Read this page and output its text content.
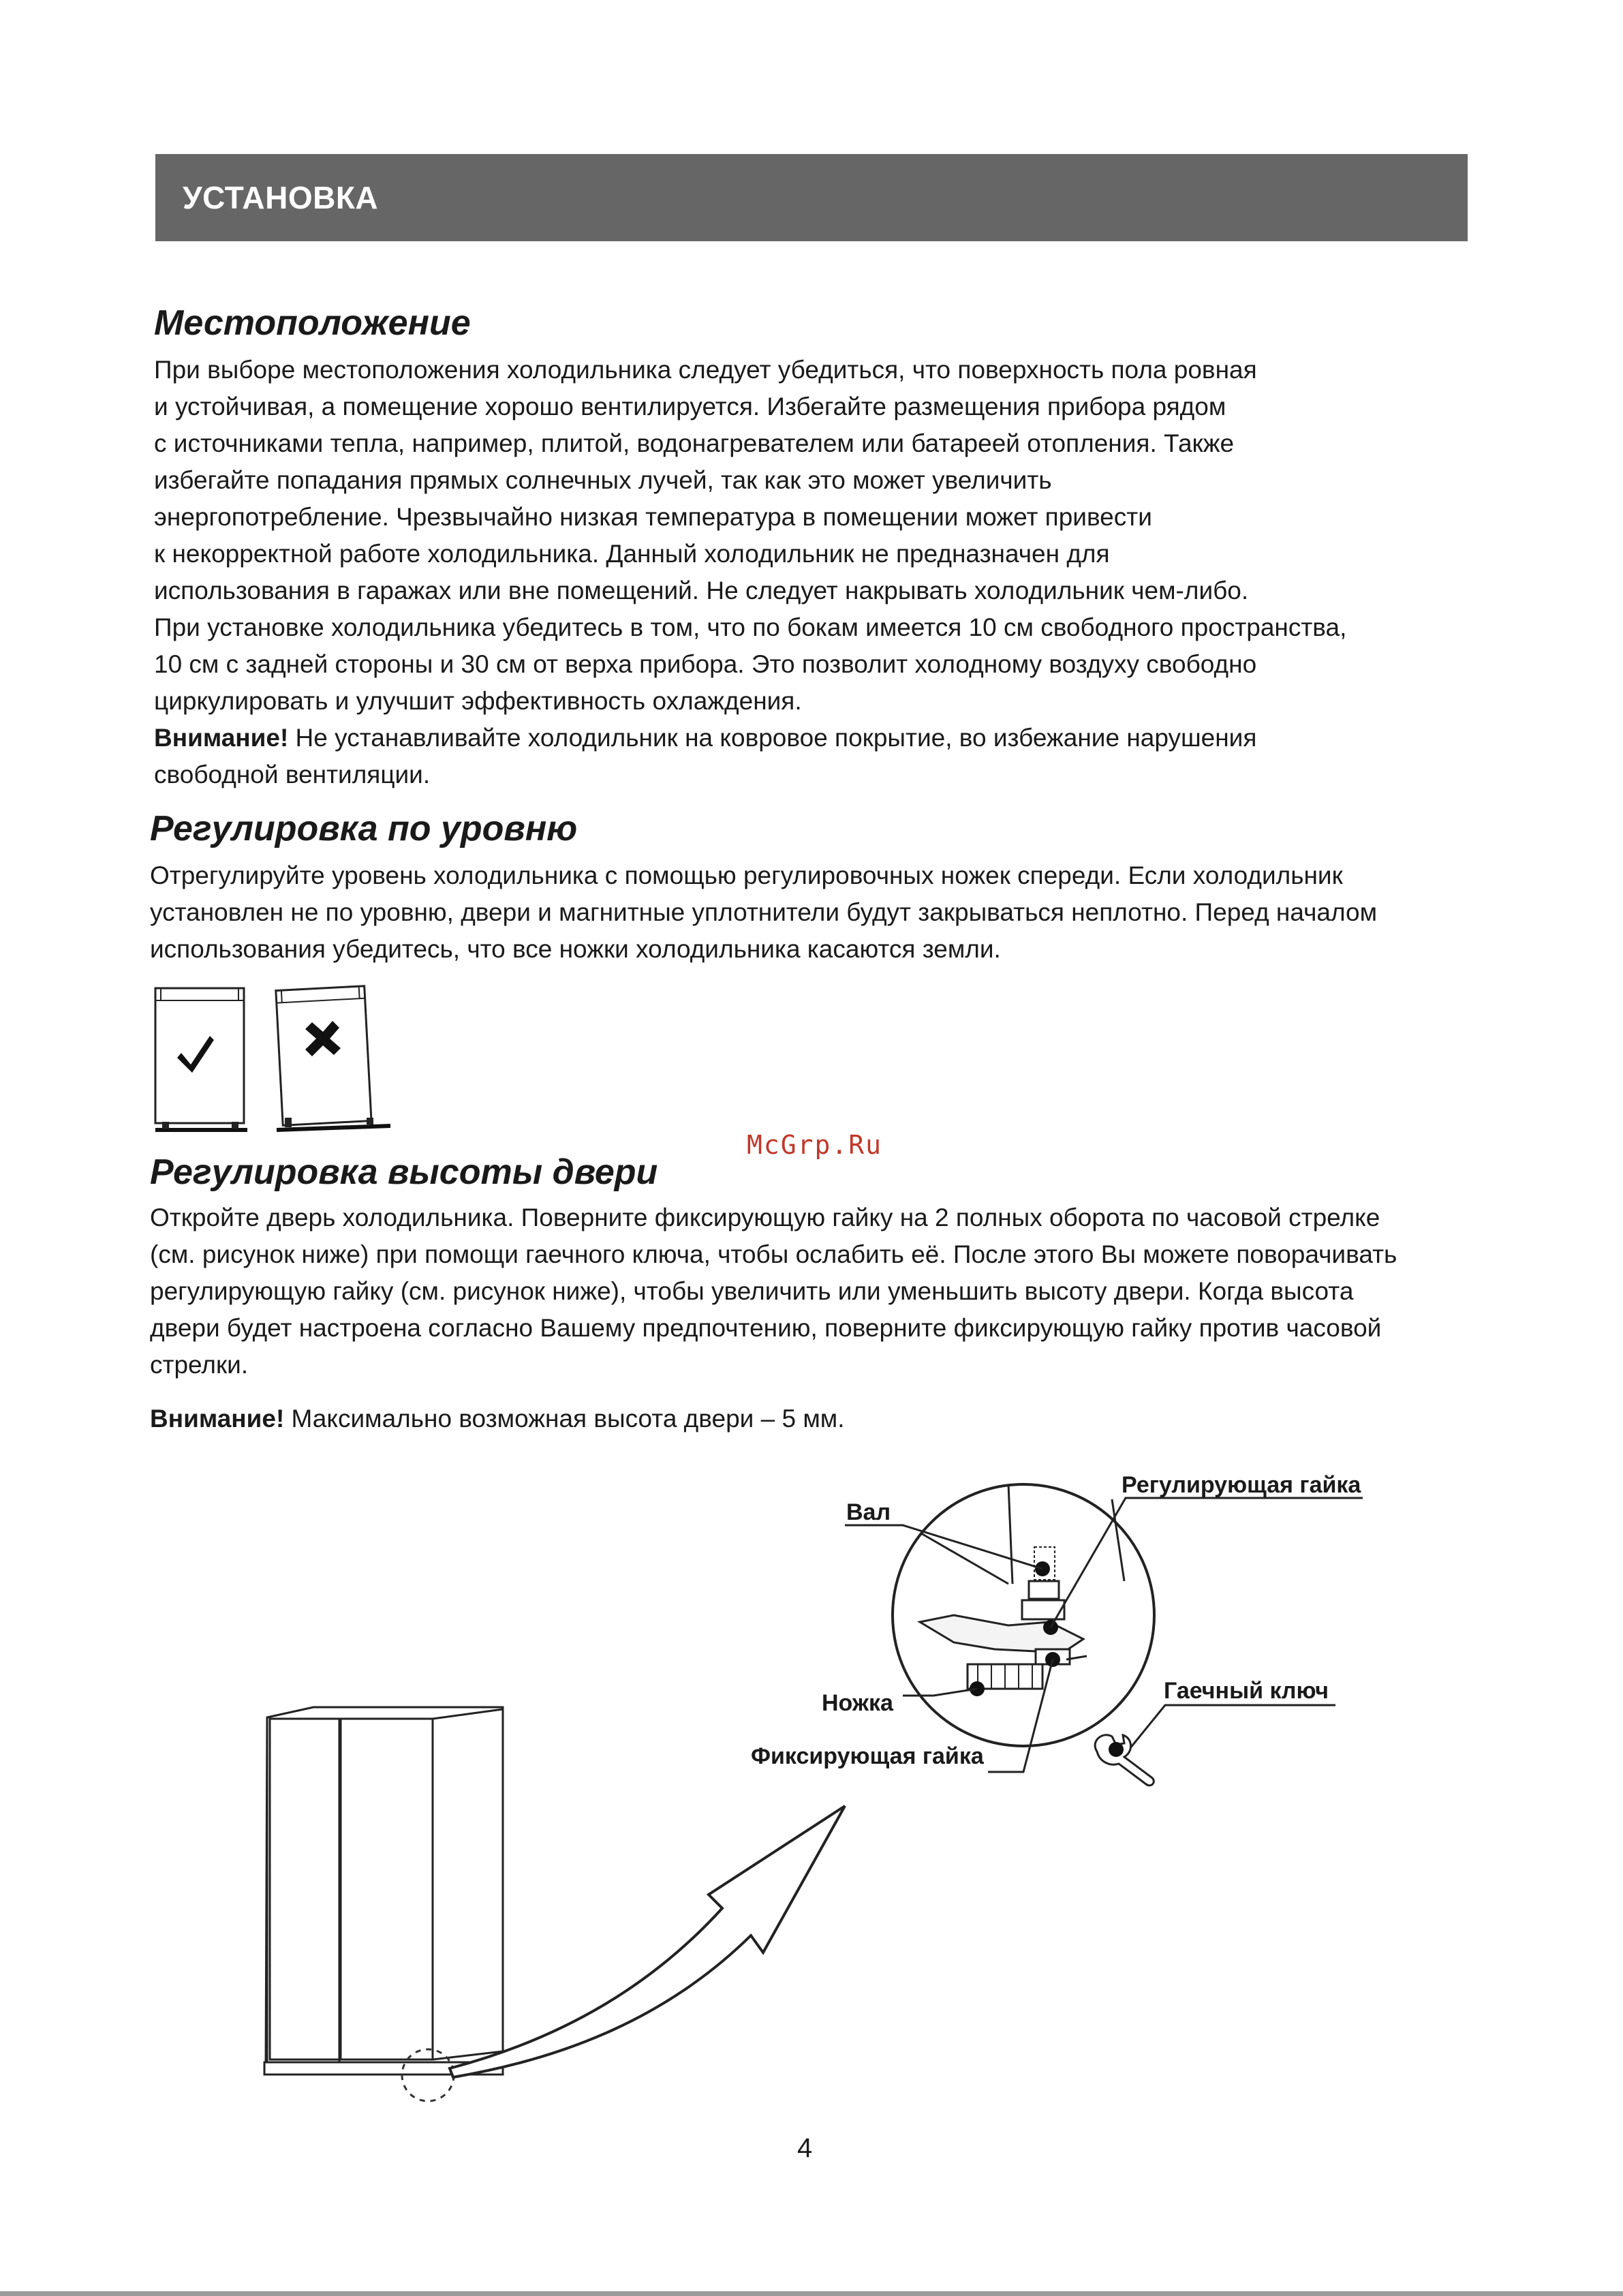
УСТАНОВКА
Местоположение
При выборе местоположения холодильника следует убедиться, что поверхность пола ровная
и устойчивая, а помещение хорошо вентилируется. Избегайте размещения прибора рядом
с источниками тепла, например, плитой, водонагревателем или батареей отопления. Также
избегайте попадания прямых солнечных лучей, так как это может увеличить
энергопотребление. Чрезвычайно низкая температура в помещении может привести
к некорректной работе холодильника. Данный холодильник не предназначен для
использования в гаражах или вне помещений. Не следует накрывать холодильник чем-либо.
При установке холодильника убедитесь в том, что по бокам имеется 10 см свободного пространства,
10 см с задней стороны и 30 см от верха прибора. Это позволит холодному воздуху свободно
циркулировать и улучшит эффективность охлаждения.
Внимание! Не устанавливайте холодильник на ковровое покрытие, во избежание нарушения
свободной вентиляции.
Регулировка по уровню
Отрегулируйте уровень холодильника с помощью регулировочных ножек спереди. Если холодильник
установлен не по уровню, двери и магнитные уплотнители будут закрываться неплотно. Перед началом
использования убедитесь, что все ножки холодильника касаются земли.
McGrp.Ru
Регулировка высоты двери
Откройте дверь холодильника. Поверните фиксирующую гайку на 2 полных оборота по часовой стрелке
(см. рисунок ниже) при помощи гаечного ключа, чтобы ослабить её. После этого Вы можете поворачивать
регулирующую гайку (см. рисунок ниже), чтобы увеличить или уменьшить высоту двери. Когда высота
двери будет настроена согласно Вашему предпочтению, поверните фиксирующую гайку против часовой
стрелки.
Внимание! Максимально возможная высота двери – 5 мм.
Вал
Регулирующая гайка
Ножка	Гаечный ключ
Фиксирующая гайка
4
